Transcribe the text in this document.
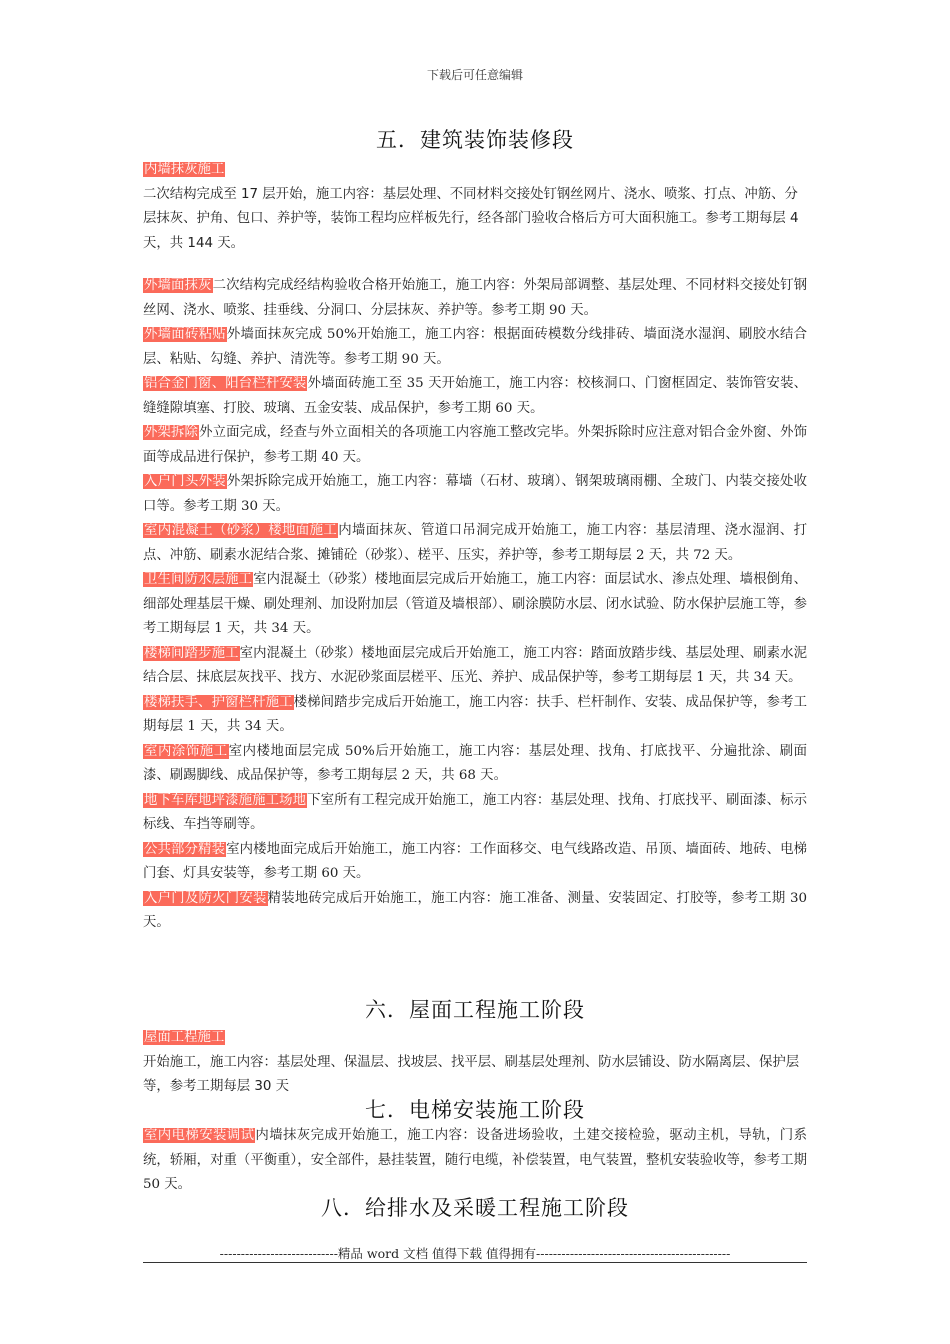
下载后可任意编辑
五．建筑装饰装修段

内墙抹灰施工
二次结构完成至 17 层开始，施工内容：基层处理、不同材料交接处钉钢丝网片、浇水、喷浆、打点、冲筋、分层抹灰、护角、包口、养护等，装饰工程均应样板先行，经各部门验收合格后方可大面积施工。参考工期每层 4 天，共 144 天。

外墙面抹灰二次结构完成经结构验收合格开始施工，施工内容：外架局部调整、基层处理、不同材料交接处钉钢丝网、浇水、喷浆、挂垂线、分洞口、分层抹灰、养护等。参考工期 90 天。

外墙面砖粘贴外墙面抹灰完成 50%开始施工，施工内容：根据面砖模数分线排砖、墙面浇水湿润、刷胶水结合层、粘贴、勾缝、养护、清洗等。参考工期 90 天。

铝合金门窗、阳台栏杆安装外墙面砖施工至 35 天开始施工，施工内容：校核洞口、门窗框固定、装饰管安装、缝缝隙填塞、打胶、玻璃、五金安装、成品保护，参考工期 60 天。

外架拆除外立面完成，经查与外立面相关的各项施工内容施工整改完毕。外架拆除时应注意对铝合金外窗、外饰面等成品进行保护，参考工期 40 天。

入户门头外装外架拆除完成开始施工，施工内容：幕墙（石材、玻璃）、钢架玻璃雨棚、全玻门、内装交接处收口等。参考工期 30 天。

室内混凝土（砂浆）楼地面施工内墙面抹灰、管道口吊洞完成开始施工，施工内容：基层清理、浇水湿润、打点、冲筋、刷素水泥结合浆、摊铺砼（砂浆）、槎平、压实，养护等，参考工期每层 2 天，共 72 天。

卫生间防水层施工室内混凝土（砂浆）楼地面层完成后开始施工，施工内容：面层试水、渗点处理、墙根倒角、细部处理基层干燥、刷处理剂、加设附加层（管道及墙根部）、刷涂膜防水层、闭水试验、防水保护层施工等，参考工期每层 1 天，共 34 天。

楼梯间踏步施工室内混凝土（砂浆）楼地面层完成后开始施工，施工内容：踏面放踏步线、基层处理、刷素水泥结合层、抹底层灰找平、找方、水泥砂浆面层槎平、压光、养护、成品保护等，参考工期每层 1 天，共 34 天。

楼梯扶手、护窗栏杆施工楼梯间踏步完成后开始施工，施工内容：扶手、栏杆制作、安装、成品保护等，参考工期每层 1 天，共 34 天。

室内涂饰施工室内楼地面层完成 50%后开始施工，施工内容：基层处理、找角、打底找平、分遍批涂、刷面漆、刷踢脚线、成品保护等，参考工期每层 2 天，共 68 天。

地下车库地坪漆施施工场地下室所有工程完成开始施工，施工内容：基层处理、找角、打底找平、刷面漆、标示标线、车挡等刷等。

公共部分精装室内楼地面完成后开始施工，施工内容：工作面移交、电气线路改造、吊顶、墙面砖、地砖、电梯门套、灯具安装等，参考工期 60 天。

入户门及防火门安装精装地砖完成后开始施工，施工内容：施工准备、测量、安装固定、打胶等，参考工期 30 天。

六．屋面工程施工阶段

屋面工程施工
开始施工，施工内容：基层处理、保温层、找坡层、找平层、刷基层处理剂、防水层铺设、防水隔离层、保护层等，参考工期每层 30 天

七．电梯安装施工阶段

室内电梯安装调试内墙抹灰完成开始施工，施工内容：设备进场验收，土建交接检验，驱动主机，导轨，门系统，轿厢，对重（平衡重），安全部件，悬挂装置，随行电缆，补偿装置，电气装置，整机安装验收等，参考工期 50 天。

八．给排水及采暖工程施工阶段
----------------------------精品 word 文档 值得下载 值得拥有----------------------------------------------
